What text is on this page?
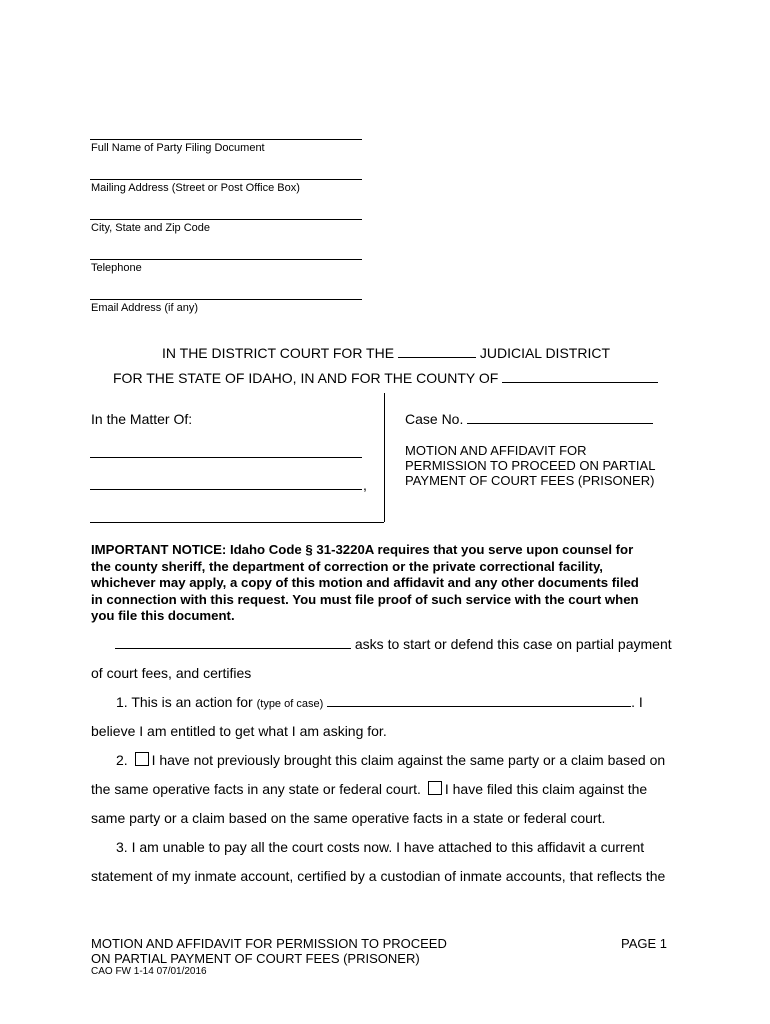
Full Name of Party Filing Document
Mailing Address (Street or Post Office Box)
City, State and Zip Code
Telephone
Email Address (if any)
IN THE DISTRICT COURT FOR THE	JUDICIAL DISTRICT
FOR THE STATE OF IDAHO, IN AND FOR THE COUNTY OF
In the Matter Of:
,
Case No.
MOTION AND AFFIDAVIT FOR
PERMISSION TO PROCEED ON PARTIAL
PAYMENT OF COURT FEES (PRISONER)
IMPORTANT NOTICE: Idaho Code § 31-3220A requires that you serve upon counsel for
the county sheriff, the department of correction or the private correctional facility,
whichever may apply, a copy of this motion and affidavit and any other documents filed
in connection with this request. You must file proof of such service with the court when
you file this document.
asks to start or defend this case on partial payment
of court fees, and certifies
1. This is an action for (type of case)	. I
believe I am entitled to get what I am asking for.
2. I have not previously brought this claim against the same party or a claim based on
the same operative facts in any state or federal court. I have filed this claim against the
same party or a claim based on the same operative facts in a state or federal court.
3. I am unable to pay all the court costs now. I have attached to this affidavit a current
statement of my inmate account, certified by a custodian of inmate accounts, that reflects the
MOTION AND AFFIDAVIT FOR PERMISSION TO PROCEED
ON PARTIAL PAYMENT OF COURT FEES (PRISONER)
CAO FW 1-14 07/01/2016
PAGE 1
